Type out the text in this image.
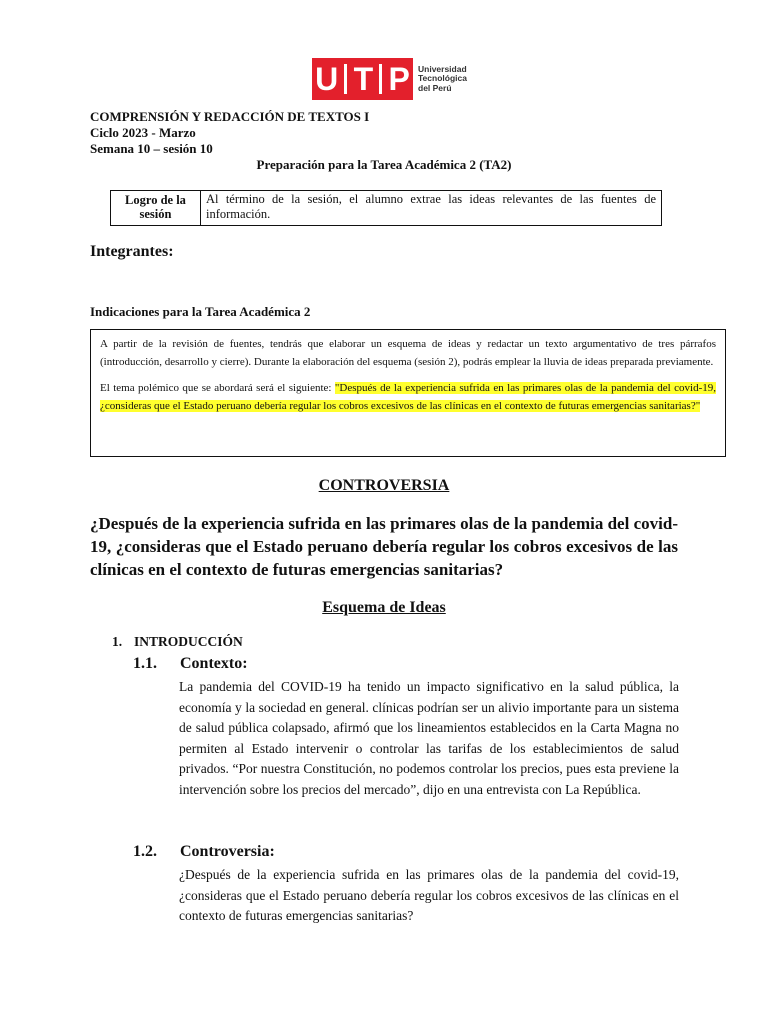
U T P Universidad
Tecnológica
del Perú
COMPRENSIÓN Y REDACCIÓN DE TEXTOS I
Ciclo 2023 - Marzo
Semana 10 – sesión 10
Preparación para la Tarea Académica 2 (TA2)
Logro de la sesión
Al término de la sesión, el alumno extrae las ideas relevantes de las fuentes de información.
Integrantes:
Indicaciones para la Tarea Académica 2

A partir de la revisión de fuentes, tendrás que elaborar un esquema de ideas y redactar un texto argumentativo de tres párrafos (introducción, desarrollo y cierre). Durante la elaboración del esquema (sesión 2), podrás emplear la lluvia de ideas preparada previamente.

El tema polémico que se abordará será el siguiente: "Después de la experiencia sufrida en las primares olas de la pandemia del covid-19, ¿consideras que el Estado peruano debería regular los cobros excesivos de las clínicas en el contexto de futuras emergencias sanitarias?"

CONTROVERSIA
¿Después de la experiencia sufrida en las primares olas de la pandemia del covid-19, ¿consideras que el Estado peruano debería regular los cobros excesivos de las clínicas en el contexto de futuras emergencias sanitarias?
Esquema de Ideas
1. INTRODUCCIÓN
1.1. Contexto:
La pandemia del COVID-19 ha tenido un impacto significativo en la salud pública, la economía y la sociedad en general. clínicas podrían ser un alivio importante para un sistema de salud pública colapsado, afirmó que los lineamientos establecidos en la Carta Magna no permiten al Estado intervenir o controlar las tarifas de los establecimientos de salud privados. “Por nuestra Constitución, no podemos controlar los precios, pues esta previene la intervención sobre los precios del mercado”, dijo en una entrevista con La República.
1.2. Controversia:
¿Después de la experiencia sufrida en las primares olas de la pandemia del covid-19, ¿consideras que el Estado peruano debería regular los cobros excesivos de las clínicas en el contexto de futuras emergencias sanitarias?
